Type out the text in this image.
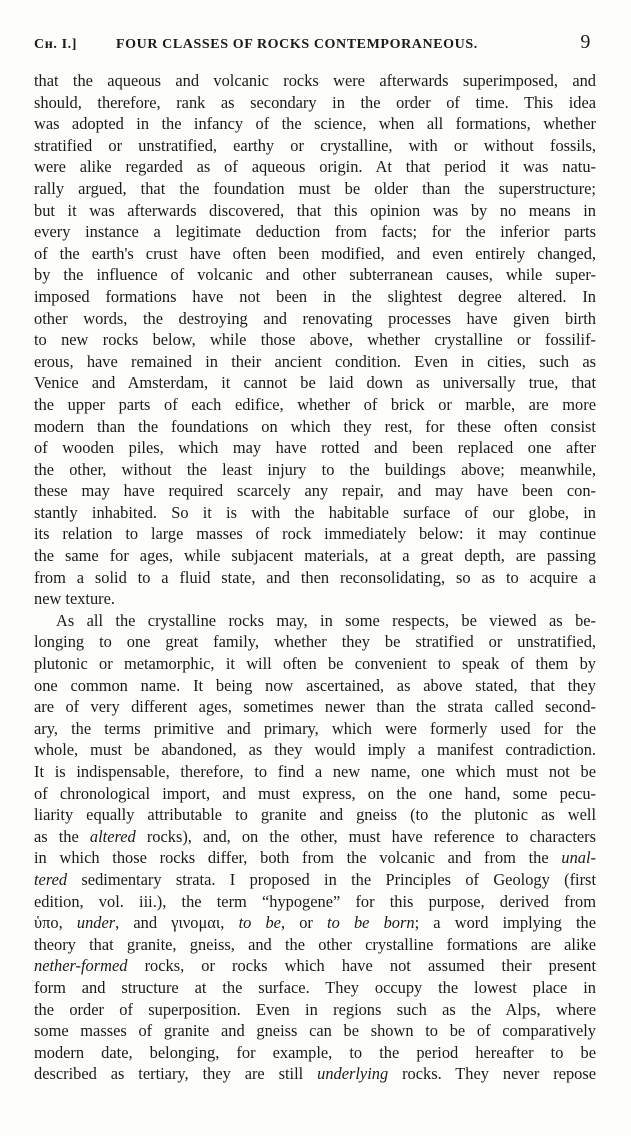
Cн. I.]	FOUR CLASSES OF ROCKS CONTEMPORANEOUS.	9
that the aqueous and volcanic rocks were afterwards superimposed, and
should, therefore, rank as secondary in the order of time. This idea
was adopted in the infancy of the science, when all formations, whether
stratified or unstratified, earthy or crystalline, with or without fossils,
were alike regarded as of aqueous origin. At that period it was natu-
rally argued, that the foundation must be older than the superstructure;
but it was afterwards discovered, that this opinion was by no means in
every instance a legitimate deduction from facts; for the inferior parts
of the earth's crust have often been modified, and even entirely changed,
by the influence of volcanic and other subterranean causes, while super-
imposed formations have not been in the slightest degree altered. In
other words, the destroying and renovating processes have given birth
to new rocks below, while those above, whether crystalline or fossilif-
erous, have remained in their ancient condition. Even in cities, such as
Venice and Amsterdam, it cannot be laid down as universally true, that
the upper parts of each edifice, whether of brick or marble, are more
modern than the foundations on which they rest, for these often consist
of wooden piles, which may have rotted and been replaced one after
the other, without the least injury to the buildings above; meanwhile,
these may have required scarcely any repair, and may have been con-
stantly inhabited. So it is with the habitable surface of our globe, in
its relation to large masses of rock immediately below: it may continue
the same for ages, while subjacent materials, at a great depth, are passing
from a solid to a fluid state, and then reconsolidating, so as to acquire a
new texture.
As all the crystalline rocks may, in some respects, be viewed as be-
longing to one great family, whether they be stratified or unstratified,
plutonic or metamorphic, it will often be convenient to speak of them by
one common name. It being now ascertained, as above stated, that they
are of very different ages, sometimes newer than the strata called second-
ary, the terms primitive and primary, which were formerly used for the
whole, must be abandoned, as they would imply a manifest contradiction.
It is indispensable, therefore, to find a new name, one which must not be
of chronological import, and must express, on the one hand, some pecu-
liarity equally attributable to granite and gneiss (to the plutonic as well
as the altered rocks), and, on the other, must have reference to characters
in which those rocks differ, both from the volcanic and from the unal-
tered sedimentary strata. I proposed in the Principles of Geology (first
edition, vol. iii.), the term “hypogene” for this purpose, derived from
ὑπο, under, and γινομαι, to be, or to be born; a word implying the
theory that granite, gneiss, and the other crystalline formations are alike
nether-formed rocks, or rocks which have not assumed their present
form and structure at the surface. They occupy the lowest place in
the order of superposition. Even in regions such as the Alps, where
some masses of granite and gneiss can be shown to be of comparatively
modern date, belonging, for example, to the period hereafter to be
described as tertiary, they are still underlying rocks. They never repose
